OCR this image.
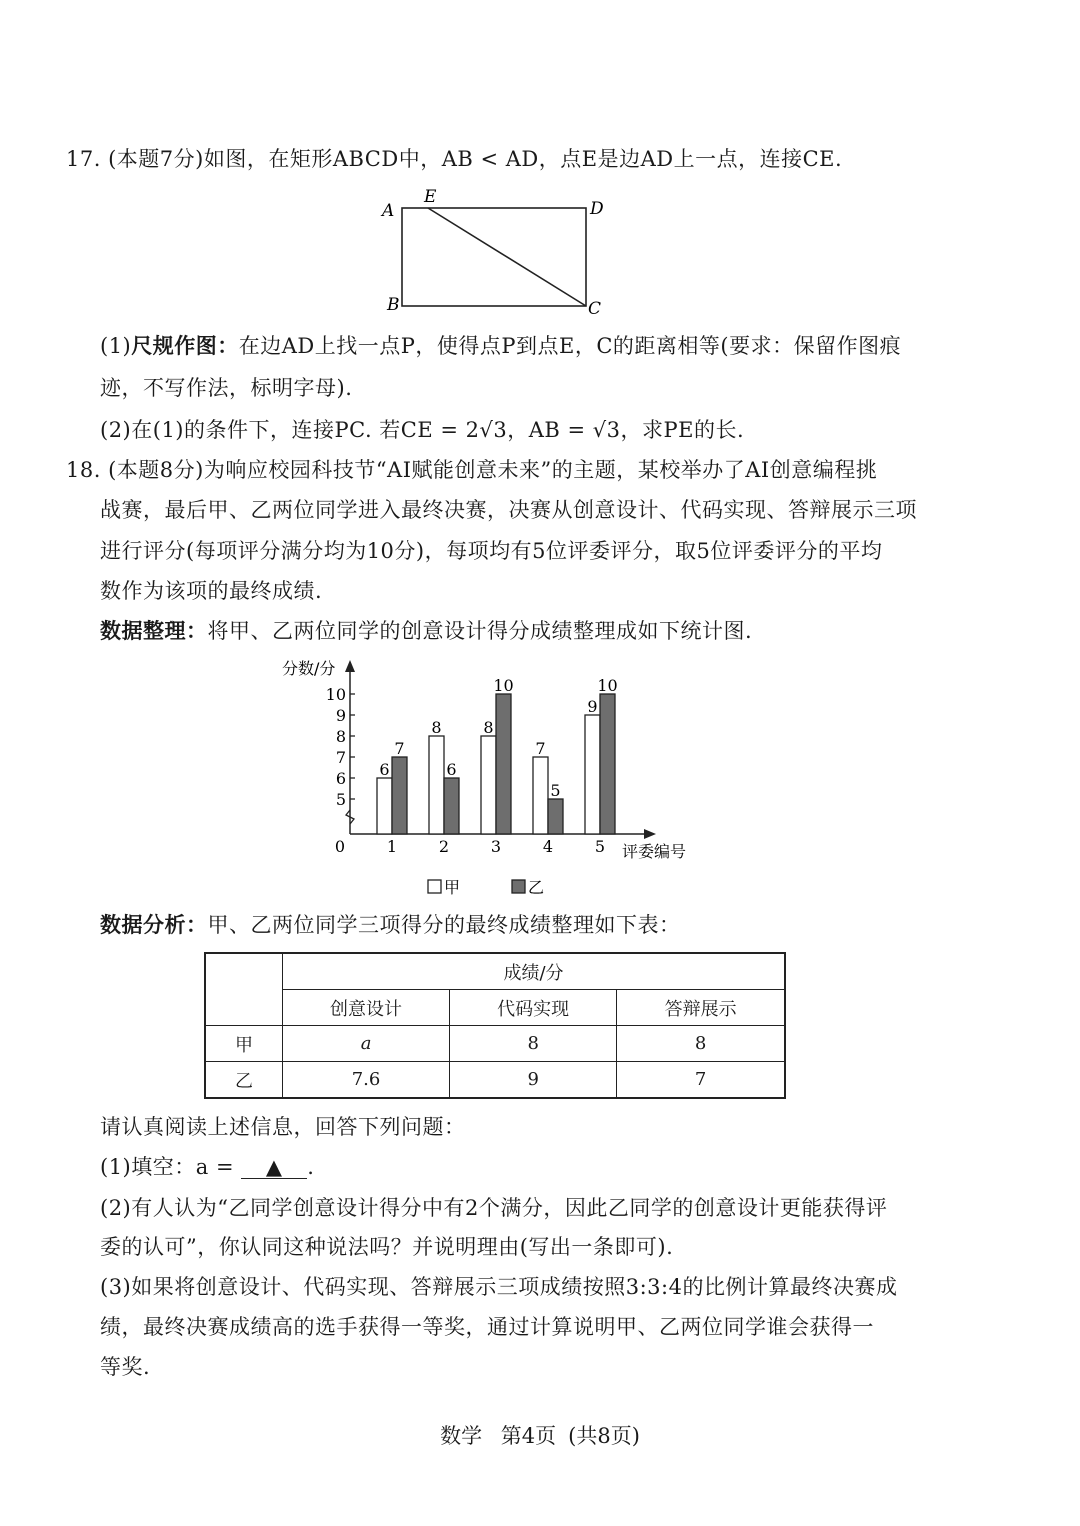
17. (本题7分)如图，在矩形ABCD中，AB < AD，点E是边AD上一点，连接CE.
A
E
D
B	C
(1)尺规作图：在边AD上找一点P，使得点P到点E，C的距离相等(要求：保留作图痕
迹，不写作法，标明字母).
(2)在(1)的条件下，连接PC. 若CE = 2√3，AB = √3，求PE的长.
18. (本题8分)为响应校园科技节“AI赋能创意未来”的主题，某校举办了AI创意编程挑
战赛，最后甲、乙两位同学进入最终决赛，决赛从创意设计、代码实现、答辩展示三项
进行评分(每项评分满分均为10分)，每项均有5位评委评分，取5位评委评分的平均
数作为该项的最终成绩.
数据整理：将甲、乙两位同学的创意设计得分成绩整理成如下统计图.
分数/分
评委编号
0
5
6
7
8
9
10
6
7
1
8
6
2
8
10
3
7
5
4
9
10
5
甲	乙
数据分析：甲、乙两位同学三项得分的最终成绩整理如下表：
	成绩/分		
	创意设计	代码实现	答辩展示
甲	a	8	8
乙	7.6	9	7
请认真阅读上述信息，回答下列问题：
(1)填空：a = ▲ .
(2)有人认为“乙同学创意设计得分中有2个满分，因此乙同学的创意设计更能获得评
委的认可”，你认同这种说法吗？并说明理由(写出一条即可).
(3)如果将创意设计、代码实现、答辩展示三项成绩按照3:3:4的比例计算最终决赛成
绩，最终决赛成绩高的选手获得一等奖，通过计算说明甲、乙两位同学谁会获得一
等奖.
数学 第4页 (共8页)
